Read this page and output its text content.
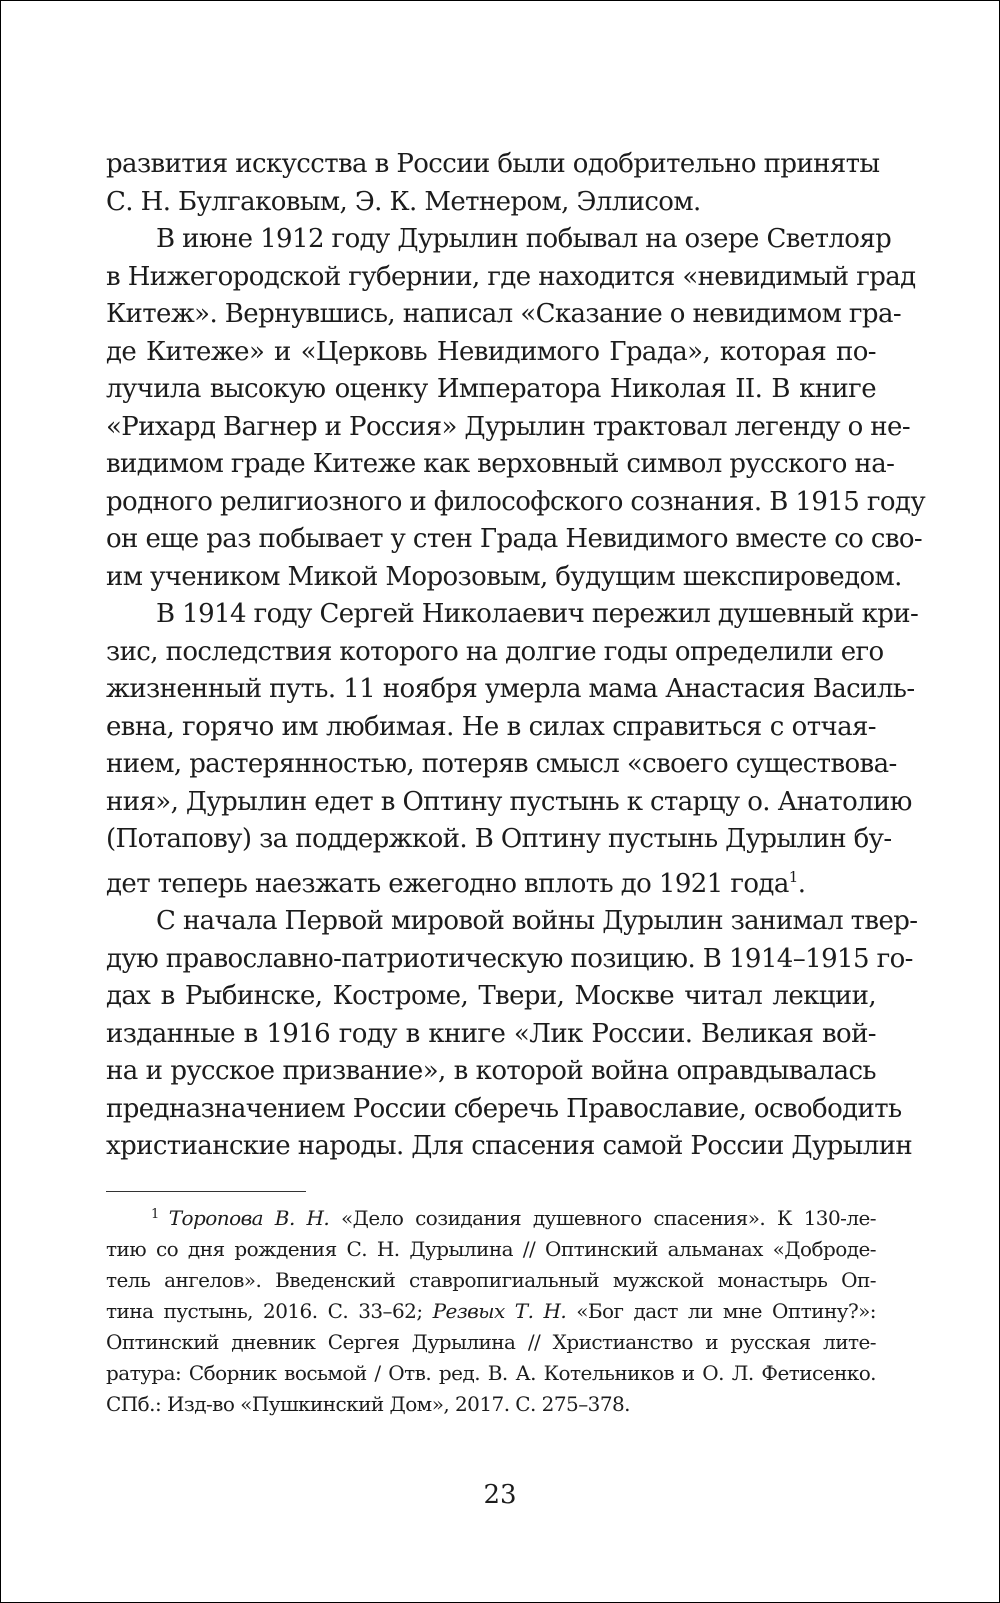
развития искусства в России были одобрительно приняты
С. Н. Булгаковым, Э. К. Метнером, Эллисом.
В июне 1912 году Дурылин побывал на озере Светлояр
в Нижегородской губернии, где находится «невидимый град
Китеж». Вернувшись, написал «Сказание о невидимом гра-
де Китеже» и «Церковь Невидимого Града», которая по-
лучила высокую оценку Императора Николая II. В книге
«Рихард Вагнер и Россия» Дурылин трактовал легенду о не-
видимом граде Китеже как верховный символ русского на-
родного религиозного и философского сознания. В 1915 году
он еще раз побывает у стен Града Невидимого вместе со сво-
им учеником Микой Морозовым, будущим шекспироведом.
В 1914 году Сергей Николаевич пережил душевный кри-
зис, последствия которого на долгие годы определили его
жизненный путь. 11 ноября умерла мама Анастасия Василь-
евна, горячо им любимая. Не в силах справиться с отчая-
нием, растерянностью, потеряв смысл «своего существова-
ния», Дурылин едет в Оптину пустынь к старцу о. Анатолию
(Потапову) за поддержкой. В Оптину пустынь Дурылин бу-
дет теперь наезжать ежегодно вплоть до 1921 года$^1$.
С начала Первой мировой войны Дурылин занимал твер-
дую православно-патриотическую позицию. В 1914–1915 го-
дах в Рыбинске, Костроме, Твери, Москве читал лекции,
изданные в 1916 году в книге «Лик России. Великая вой-
на и русское призвание», в которой война оправдывалась
предназначением России сберечь Православие, освободить
христианские народы. Для спасения самой России Дурылин
$^1$ Торопова В. Н. «Дело созидания душевного спасения». К 130-ле-
тию со дня рождения С. Н. Дурылина // Оптинский альманах «Доброде-
тель ангелов». Введенский ставропигиальный мужской монастырь Оп-
тина пустынь, 2016. С. 33–62; Резвых Т. Н. «Бог даст ли мне Оптину?»:
Оптинский дневник Сергея Дурылина // Христианство и русская лите-
ратура: Сборник восьмой / Отв. ред. В. А. Котельников и О. Л. Фетисенко.
СПб.: Изд-во «Пушкинский Дом», 2017. С. 275–378.
23
